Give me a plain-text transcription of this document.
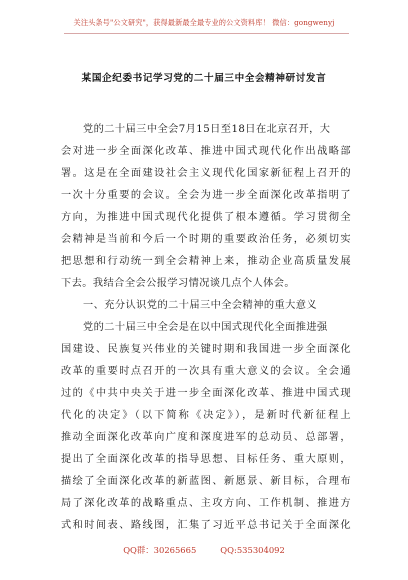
关注头条号"公文研究"，获得最新最全最专业的公文资料库！ 微信：gongwenyj
某国企纪委书记学习党的二十届三中全会精神研讨发言
党的二十届三中全会7月15日至18日在北京召开，大
会对进一步全面深化改革、推进中国式现代化作出战略部
署。这是在全面建设社会主义现代化国家新征程上召开的
一次十分重要的会议。全会为进一步全面深化改革指明了
方向，为推进中国式现代化提供了根本遵循。学习贯彻全
会精神是当前和今后一个时期的重要政治任务，必须切实
把思想和行动统一到全会精神上来，推动企业高质量发展
下去。我结合全会公报学习情况谈几点个人体会。
一、充分认识党的二十届三中全会精神的重大意义
党的二十届三中全会是在以中国式现代化全面推进强
国建设、民族复兴伟业的关键时期和我国进一步全面深化
改革的重要时点召开的一次具有重大意义的会议。全会通
过的《中共中央关于进一步全面深化改革、推进中国式现
代化的决定》（以下简称《决定》），是新时代新征程上
推动全面深化改革向广度和深度进军的总动员、总部署，
提出了全面深化改革的指导思想、目标任务、重大原则，
描绘了全面深化改革的新蓝图、新愿景、新目标，合理布
局了深化改革的战略重点、主攻方向、工作机制、推进方
式和时间表、路线图，汇集了习近平总书记关于全面深化
QQ群：30265665	QQ:535304092
